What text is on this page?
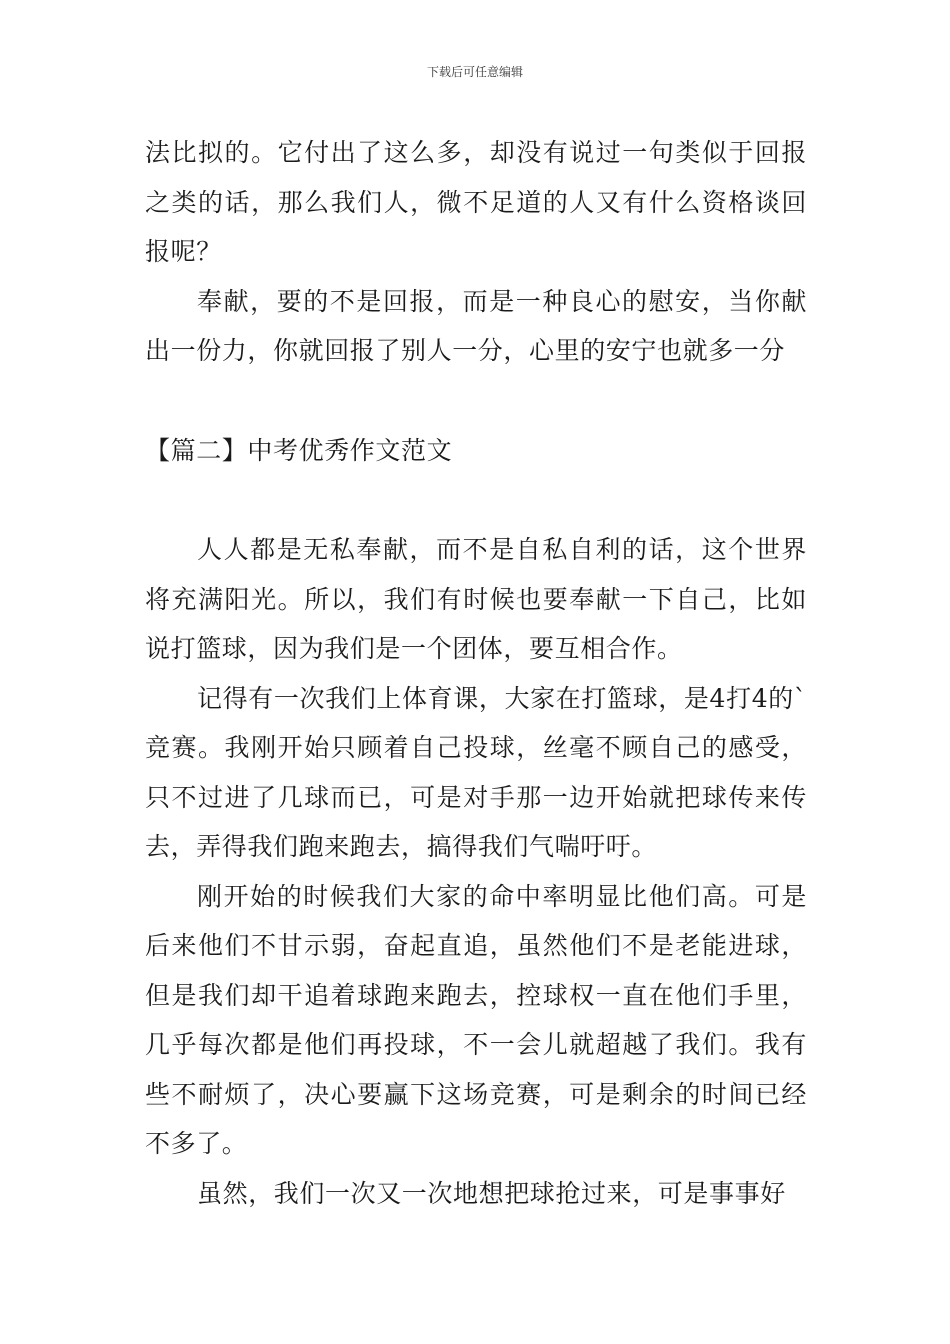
下载后可任意编辑

法比拟的。它付出了这么多，却没有说过一句类似于回报之类的话，那么我们人，微不足道的人又有什么资格谈回报呢？

奉献，要的不是回报，而是一种良心的慰安，当你献出一份力，你就回报了别人一分，心里的安宁也就多一分

【篇二】中考优秀作文范文

人人都是无私奉献，而不是自私自利的话，这个世界将充满阳光。所以，我们有时候也要奉献一下自己，比如说打篮球，因为我们是一个团体，要互相合作。

记得有一次我们上体育课，大家在打篮球，是4打4的`竞赛。我刚开始只顾着自己投球，丝毫不顾自己的感受，只不过进了几球而已，可是对手那一边开始就把球传来传去，弄得我们跑来跑去，搞得我们气喘吁吁。

刚开始的时候我们大家的命中率明显比他们高。可是后来他们不甘示弱，奋起直追，虽然他们不是老能进球，但是我们却干追着球跑来跑去，控球权一直在他们手里，几乎每次都是他们再投球，不一会儿就超越了我们。我有些不耐烦了，决心要赢下这场竞赛，可是剩余的时间已经不多了。

虽然，我们一次又一次地想把球抢过来，可是事事好
